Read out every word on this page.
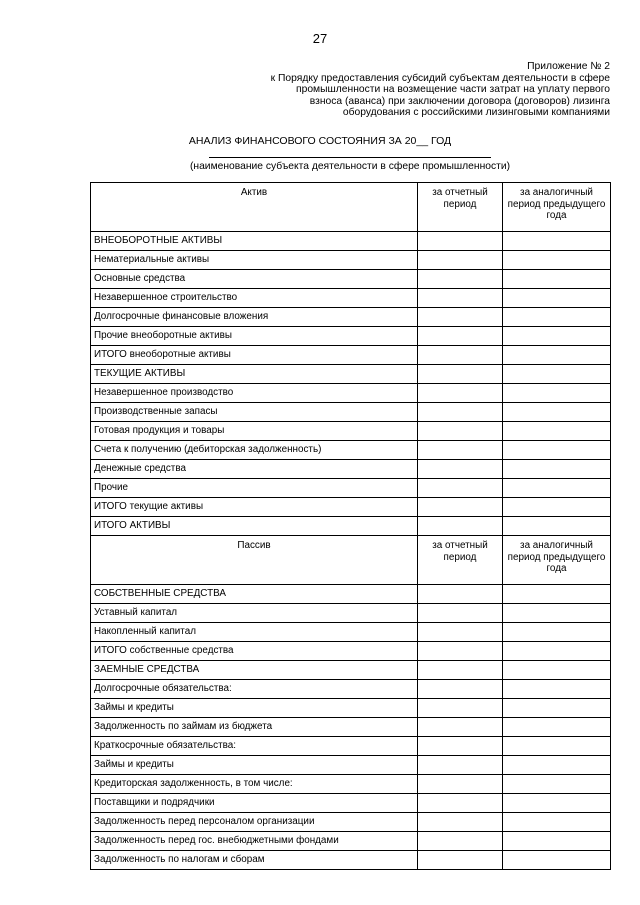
27
Приложение № 2
к Порядку предоставления субсидий субъектам деятельности в сфере
промышленности на возмещение части затрат на уплату первого
взноса (аванса) при заключении договора (договоров) лизинга
оборудования с российскими лизинговыми компаниями
АНАЛИЗ ФИНАНСОВОГО СОСТОЯНИЯ ЗА 20__ ГОД
(наименование субъекта деятельности в сфере промышленности)
Актив	за отчетный период	за аналогичный период предыдущего года
ВНЕОБОРОТНЫЕ АКТИВЫ		
Нематериальные активы		
Основные средства		
Незавершенное строительство		
Долгосрочные финансовые вложения		
Прочие внеоборотные активы		
ИТОГО внеоборотные активы		
ТЕКУЩИЕ АКТИВЫ		
Незавершенное производство		
Производственные запасы		
Готовая продукция и товары		
Счета к получению (дебиторская задолженность)		
Денежные средства		
Прочие		
ИТОГО текущие активы		
ИТОГО АКТИВЫ		
Пассив	за отчетный период	за аналогичный период предыдущего года
СОБСТВЕННЫЕ СРЕДСТВА		
Уставный капитал		
Накопленный капитал		
ИТОГО собственные средства		
ЗАЕМНЫЕ СРЕДСТВА		
Долгосрочные обязательства:		
Займы и кредиты		
Задолженность по займам из бюджета		
Краткосрочные обязательства:		
Займы и кредиты		
Кредиторская задолженность, в том числе:		
Поставщики и подрядчики		
Задолженность перед персоналом организации		
Задолженность перед гос. внебюджетными фондами		
Задолженность по налогам и сборам		
